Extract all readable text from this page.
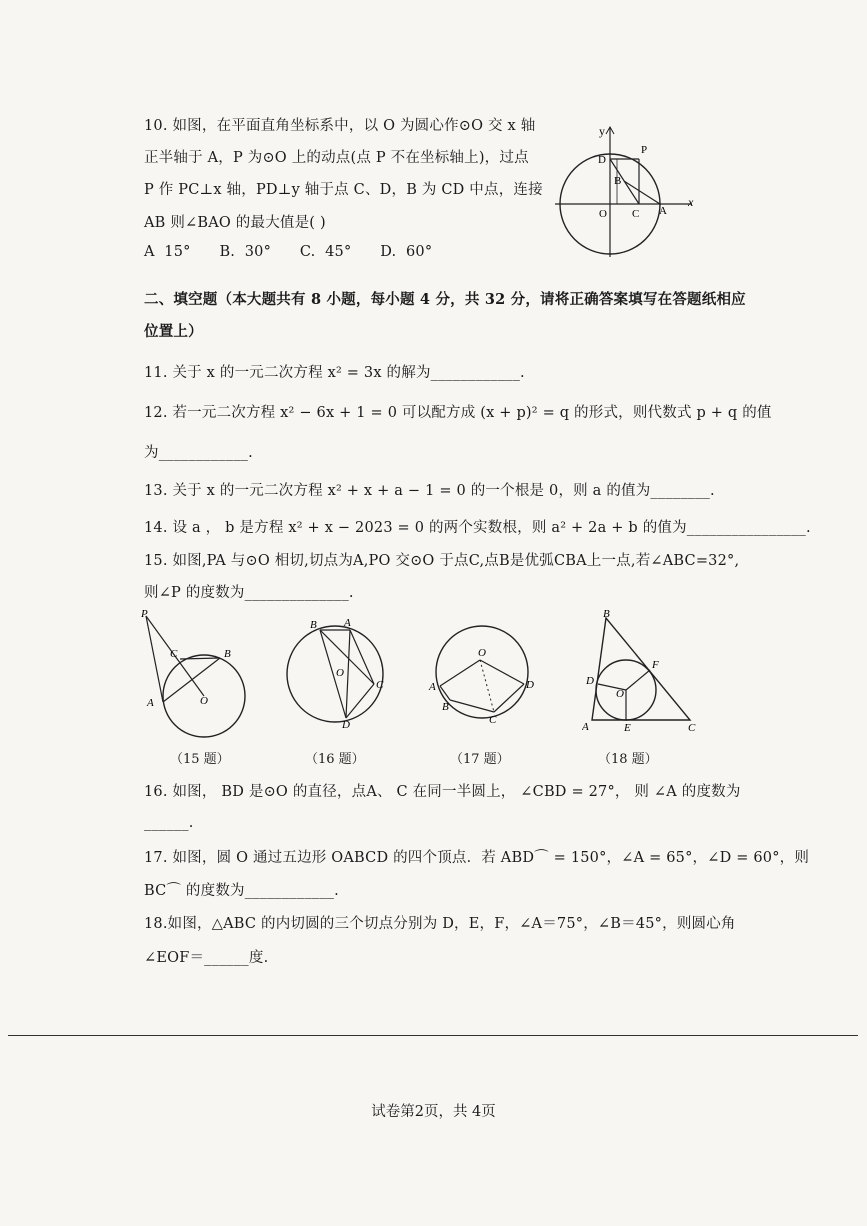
10. 如图，在平面直角坐标系中，以 O 为圆心作⊙O 交 x 轴
正半轴于 A，P 为⊙O 上的动点(点 P 不在坐标轴上)，过点
P 作 PC⊥x 轴，PD⊥y 轴于点 C、D，B 为 CD 中点，连接
AB 则∠BAO 的最大值是( )
A  15°      B.  30°      C.  45°      D.  60°
y
x
P
D
B
O C A
二、填空题（本大题共有 8 小题，每小题 4 分，共 32 分，请将正确答案填写在答题纸相应
位置上）
11. 关于 x 的一元二次方程 x² = 3x 的解为____________.
12. 若一元二次方程 x² − 6x + 1 = 0 可以配方成 (x + p)² = q 的形式，则代数式 p + q 的值
为____________.
13. 关于 x 的一元二次方程 x² + x + a − 1 = 0 的一个根是 0，则 a 的值为________.
14. 设 a ， b 是方程 x² + x − 2023 = 0 的两个实数根，则 a² + 2a + b 的值为________________.
15. 如图,PA 与⊙O 相切,切点为A,PO 交⊙O 于点C,点B是优弧CBA上一点,若∠ABC=32°,
则∠P 的度数为______________.
P
C	B
A	O
（15 题）
B A
O
C
D
（16 题）
O
A	D
B
C
（17 题）
B
F
D
O
A	E	C
（18 题）
16. 如图， BD 是⊙O 的直径，点A、 C 在同一半圆上， ∠CBD = 27°， 则 ∠A 的度数为
______.
17. 如图，圆 O 通过五边形 OABCD 的四个顶点．若 ABD⌒ = 150°，∠A = 65°，∠D = 60°，则
BC⌒ 的度数为____________.
18.如图，△ABC 的内切圆的三个切点分别为 D，E，F，∠A＝75°，∠B＝45°，则圆心角
∠EOF＝______度.
试卷第2页，共 4页
